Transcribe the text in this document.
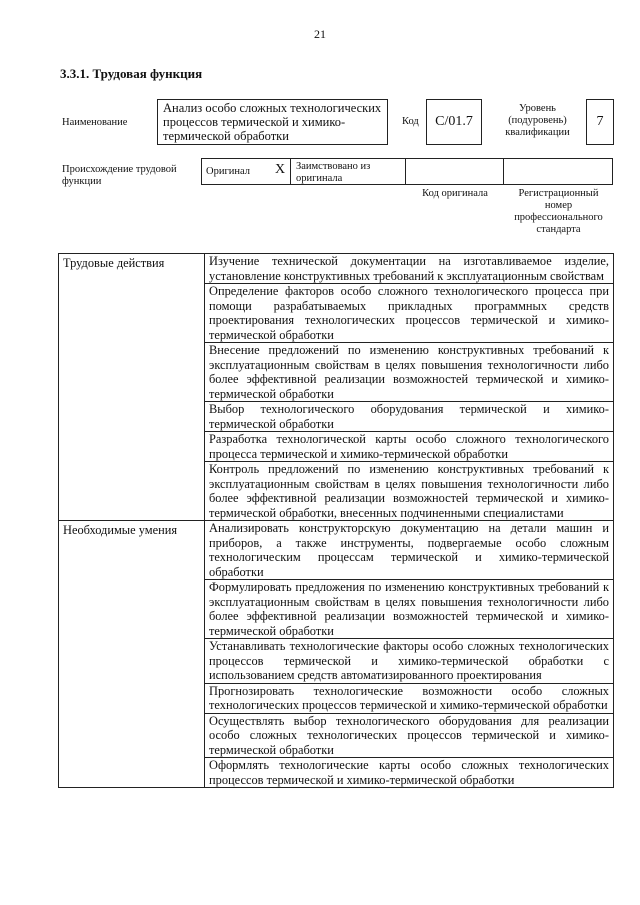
21
3.3.1. Трудовая функция
Наименование
Анализ особо сложных технологических процессов термической и химико-термической обработки
Код	C/01.7
Уровень (подуровень) квалификации
7
Происхождение трудовой функции
Оригинал X Заимствовано из оригинала
Код оригинала	Регистрационный номер профессионального стандарта
Трудовые действия	Изучение технической документации на изготавливаемое изделие, установление конструктивных требований к эксплуатационным свойствам
	Определение факторов особо сложного технологического процесса при помощи разрабатываемых прикладных программных средств проектирования технологических процессов термической и химико-термической обработки
	Внесение предложений по изменению конструктивных требований к эксплуатационным свойствам в целях повышения технологичности либо более эффективной реализации возможностей термической и химико-термической обработки
	Выбор технологического оборудования термической и химико-термической обработки
	Разработка технологической карты особо сложного технологического процесса термической и химико-термической обработки
	Контроль предложений по изменению конструктивных требований к эксплуатационным свойствам в целях повышения технологичности либо более эффективной реализации возможностей термической и химико-термической обработки, внесенных подчиненными специалистами
Необходимые умения	Анализировать конструкторскую документацию на детали машин и приборов, а также инструменты, подвергаемые особо сложным технологическим процессам термической и химико-термической обработки
	Формулировать предложения по изменению конструктивных требований к эксплуатационным свойствам в целях повышения технологичности либо более эффективной реализации возможностей термической и химико-термической обработки
	Устанавливать технологические факторы особо сложных технологических процессов термической и химико-термической обработки с использованием средств автоматизированного проектирования
	Прогнозировать технологические возможности особо сложных технологических процессов термической и химико-термической обработки
	Осуществлять выбор технологического оборудования для реализации особо сложных технологических процессов термической и химико-термической обработки
	Оформлять технологические карты особо сложных технологических процессов термической и химико-термической обработки
